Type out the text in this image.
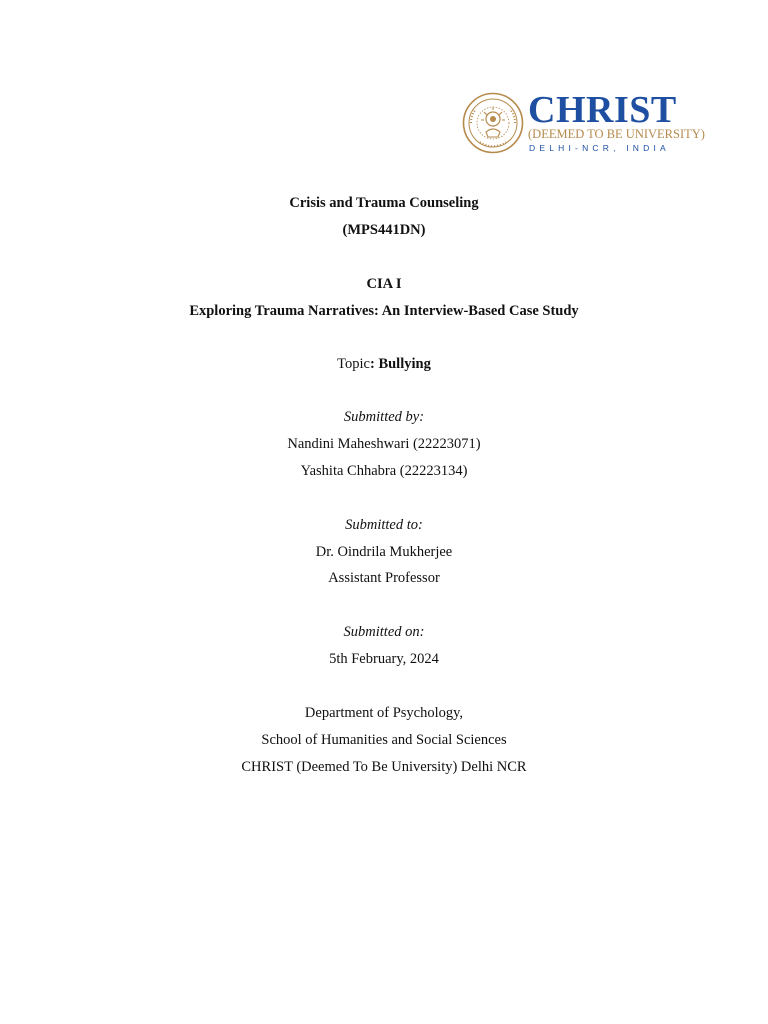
CHRIST
(DEEMED TO BE UNIVERSITY)
DELHI-NCR, INDIA
Crisis and Trauma Counseling
(MPS441DN)
CIA I
Exploring Trauma Narratives: An Interview-Based Case Study
Topic: Bullying
Submitted by:
Nandini Maheshwari (22223071)
Yashita Chhabra (22223134)
Submitted to:
Dr. Oindrila Mukherjee
Assistant Professor
Submitted on:
5th February, 2024
Department of Psychology,
School of Humanities and Social Sciences
CHRIST (Deemed To Be University) Delhi NCR
